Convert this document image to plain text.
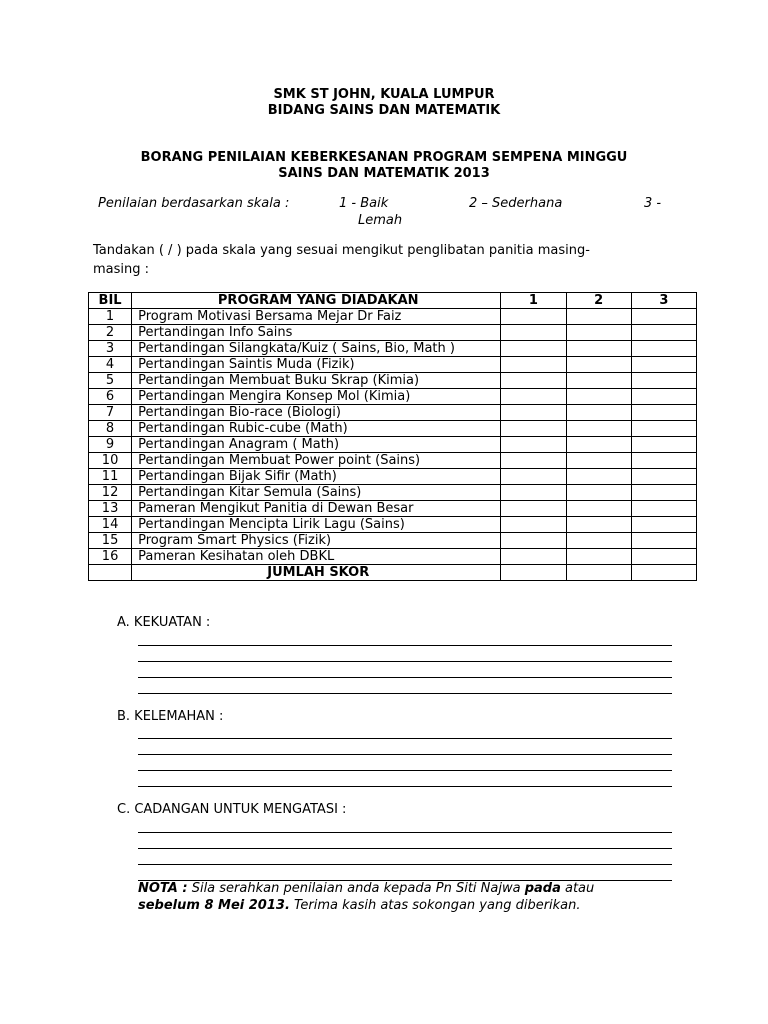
SMK ST JOHN, KUALA LUMPUR
BIDANG SAINS DAN MATEMATIK
BORANG PENILAIAN KEBERKESANAN PROGRAM SEMPENA MINGGU
SAINS DAN MATEMATIK 2013
Penilaian berdasarkan skala :	1 - Baik	2 – Sederhana	3 -
Lemah
Tandakan ( / ) pada skala yang sesuai mengikut penglibatan panitia masing-
masing :
BIL	PROGRAM YANG DIADAKAN	1	2	3
1	Program Motivasi Bersama Mejar Dr Faiz			
2	Pertandingan Info Sains			
3	Pertandingan Silangkata/Kuiz ( Sains, Bio, Math )			
4	Pertandingan Saintis Muda (Fizik)			
5	Pertandingan Membuat Buku Skrap (Kimia)			
6	Pertandingan Mengira Konsep Mol (Kimia)			
7	Pertandingan Bio-race (Biologi)			
8	Pertandingan Rubic-cube (Math)			
9	Pertandingan Anagram ( Math)			
10	Pertandingan Membuat Power point (Sains)			
11	Pertandingan Bijak Sifir (Math)			
12	Pertandingan Kitar Semula (Sains)			
13	Pameran Mengikut Panitia di Dewan Besar			
14	Pertandingan Mencipta Lirik Lagu (Sains)			
15	Program Smart Physics (Fizik)			
16	Pameran Kesihatan oleh DBKL			
	JUMLAH SKOR			
A. KEKUATAN :
B. KELEMAHAN :
C. CADANGAN UNTUK MENGATASI :
NOTA : Sila serahkan penilaian anda kepada Pn Siti Najwa pada atau
sebelum 8 Mei 2013. Terima kasih atas sokongan yang diberikan.
